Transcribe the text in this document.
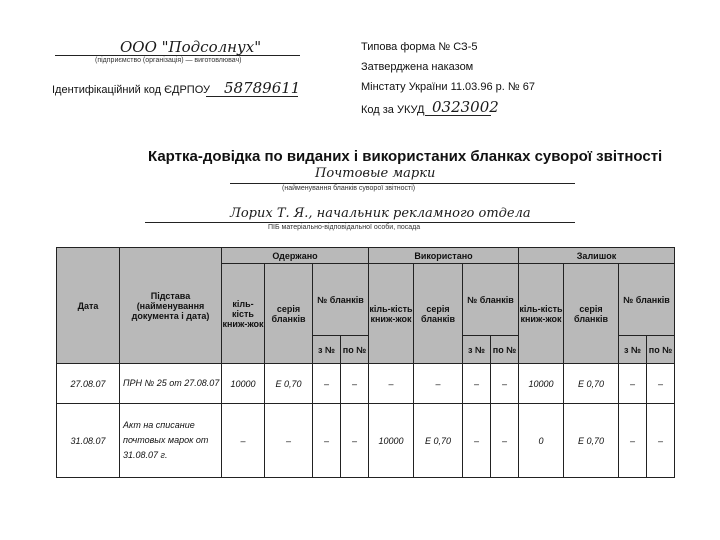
ООО "Подсолнух"
(підприємство (організація) — виготовлювач)
Ідентифікаційний код ЄДРПОУ 58789611
Типова форма № СЗ-5
Затверджена наказом
Мінстату України 11.03.96 р. № 67
Код за УКУД 0323002
Картка-довідка по виданих і використаних бланках суворої звітності
Почтовые марки
(найменування бланків суворої звітності)
Лорих Т. Я., начальник рекламного отдела
ПІБ матеріально-відповідальної особи, посада
Дата	Підстава (найменування документа і дата)	Одержано				Використано				Залишок			
		кіль-кість книж-жок	серія бланків	№ бланків		кіль-кість книж-жок	серія бланків	№ бланків		кіль-кість книж-жок	серія бланків	№ бланків	
				з №	по №			з №	по №			з №	по №
27.08.07	ПРН № 25 от 27.08.07	10000	Е 0,70	–	–	–	–	–	–	10000	Е 0,70	–	–
31.08.07	Акт на списание почтовых марок от 31.08.07 г.	–	–	–	–	10000	Е 0,70	–	–	0	Е 0,70	–	–
